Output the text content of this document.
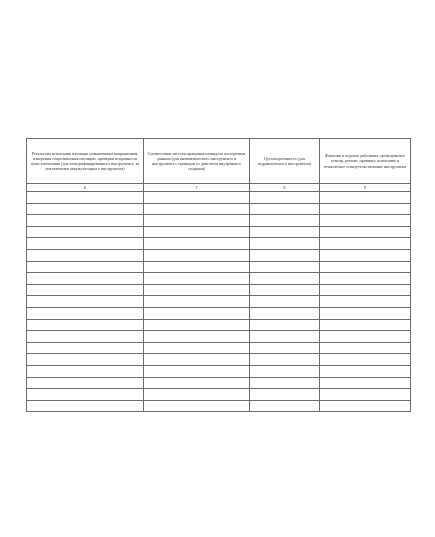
Результаты испытания изоляции повышенным напряжением, измерения сопротивления изоляции, проверки исправности цепи заземления (для электрифицированного инструмента, за исключением аккумуляторного инструмента)	Соответствие частоты вращения шпинделя паспортным данным (для пневматического инструмента и инструмента с приводом от двигателя внутреннего сгорания)	Грузоподъемность (для гидравлического инструмента)	Фамилия и подпись работника, проводившего осмотр, ремонт, проверку, испытание и техническое освидетельствование инструмента
6	7	8	9
